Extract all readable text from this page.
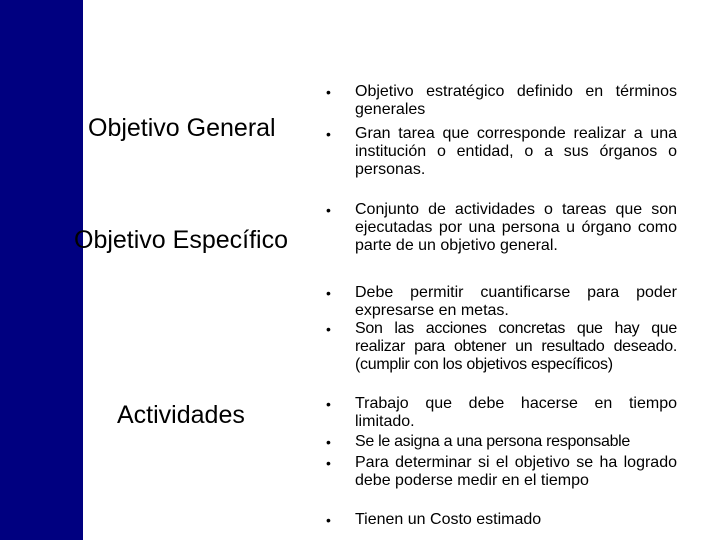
Objetivo General
Objetivo Específico
Actividades
• Objetivo estratégico definido en términos generales
• Gran tarea que corresponde realizar a una institución o entidad, o a sus órganos o personas.
• Conjunto de actividades o tareas que son ejecutadas por una persona u órgano como parte de un objetivo general.
• Debe permitir cuantificarse para poder expresarse en metas.
• Son las acciones concretas que hay que realizar para obtener un resultado deseado. (cumplir con los objetivos específicos)
• Trabajo que debe hacerse en tiempo limitado.
• Se le asigna a una persona responsable
• Para determinar si el objetivo se ha logrado debe poderse medir en el tiempo
• Tienen un Costo estimado
